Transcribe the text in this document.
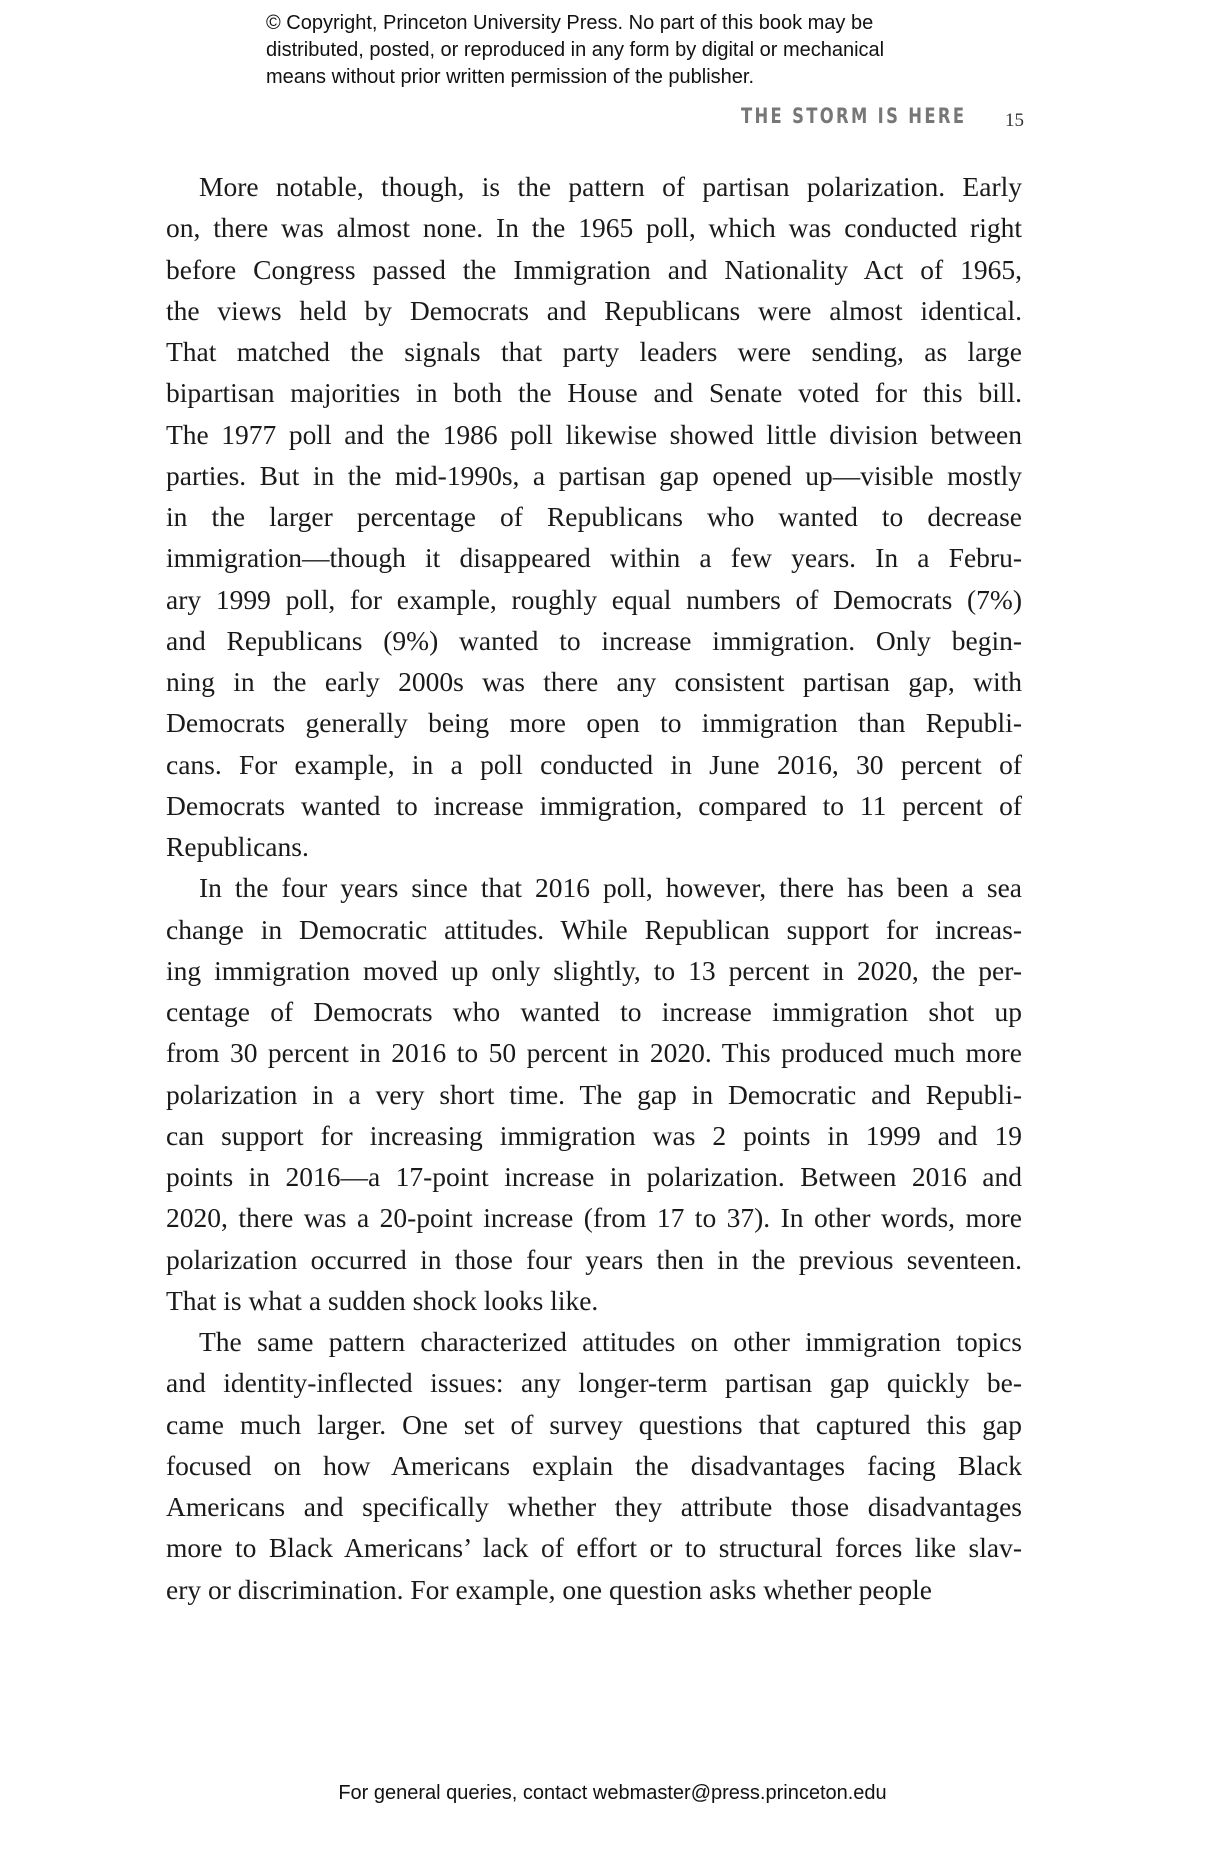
© Copyright, Princeton University Press. No part of this book may be
distributed, posted, or reproduced in any form by digital or mechanical
means without prior written permission of the publisher.
THE STORM IS HERE 15
More notable, though, is the pattern of partisan polarization. Early
on, there was almost none. In the 1965 poll, which was conducted right
before Congress passed the Immigration and Nationality Act of 1965,
the views held by Democrats and Republicans were almost identical.
That matched the signals that party leaders were sending, as large
bipartisan majorities in both the House and Senate voted for this bill.
The 1977 poll and the 1986 poll likewise showed little division between
parties. But in the mid-1990s, a partisan gap opened up—visible mostly
in the larger percentage of Republicans who wanted to decrease
immigration—though it disappeared within a few years. In a Febru-
ary 1999 poll, for example, roughly equal numbers of Democrats (7%)
and Republicans (9%) wanted to increase immigration. Only begin-
ning in the early 2000s was there any consistent partisan gap, with
Democrats generally being more open to immigration than Republi-
cans. For example, in a poll conducted in June 2016, 30 percent of
Democrats wanted to increase immigration, compared to 11 percent of
Republicans.
In the four years since that 2016 poll, however, there has been a sea
change in Democratic attitudes. While Republican support for increas-
ing immigration moved up only slightly, to 13 percent in 2020, the per-
centage of Democrats who wanted to increase immigration shot up
from 30 percent in 2016 to 50 percent in 2020. This produced much more
polarization in a very short time. The gap in Democratic and Republi-
can support for increasing immigration was 2 points in 1999 and 19
points in 2016—a 17-point increase in polarization. Between 2016 and
2020, there was a 20-point increase (from 17 to 37). In other words, more
polarization occurred in those four years then in the previous seventeen.
That is what a sudden shock looks like.
The same pattern characterized attitudes on other immigration topics
and identity-inflected issues: any longer-term partisan gap quickly be-
came much larger. One set of survey questions that captured this gap
focused on how Americans explain the disadvantages facing Black
Americans and specifically whether they attribute those disadvantages
more to Black Americans’ lack of effort or to structural forces like slav-
ery or discrimination. For example, one question asks whether people
For general queries, contact webmaster@press.princeton.edu
